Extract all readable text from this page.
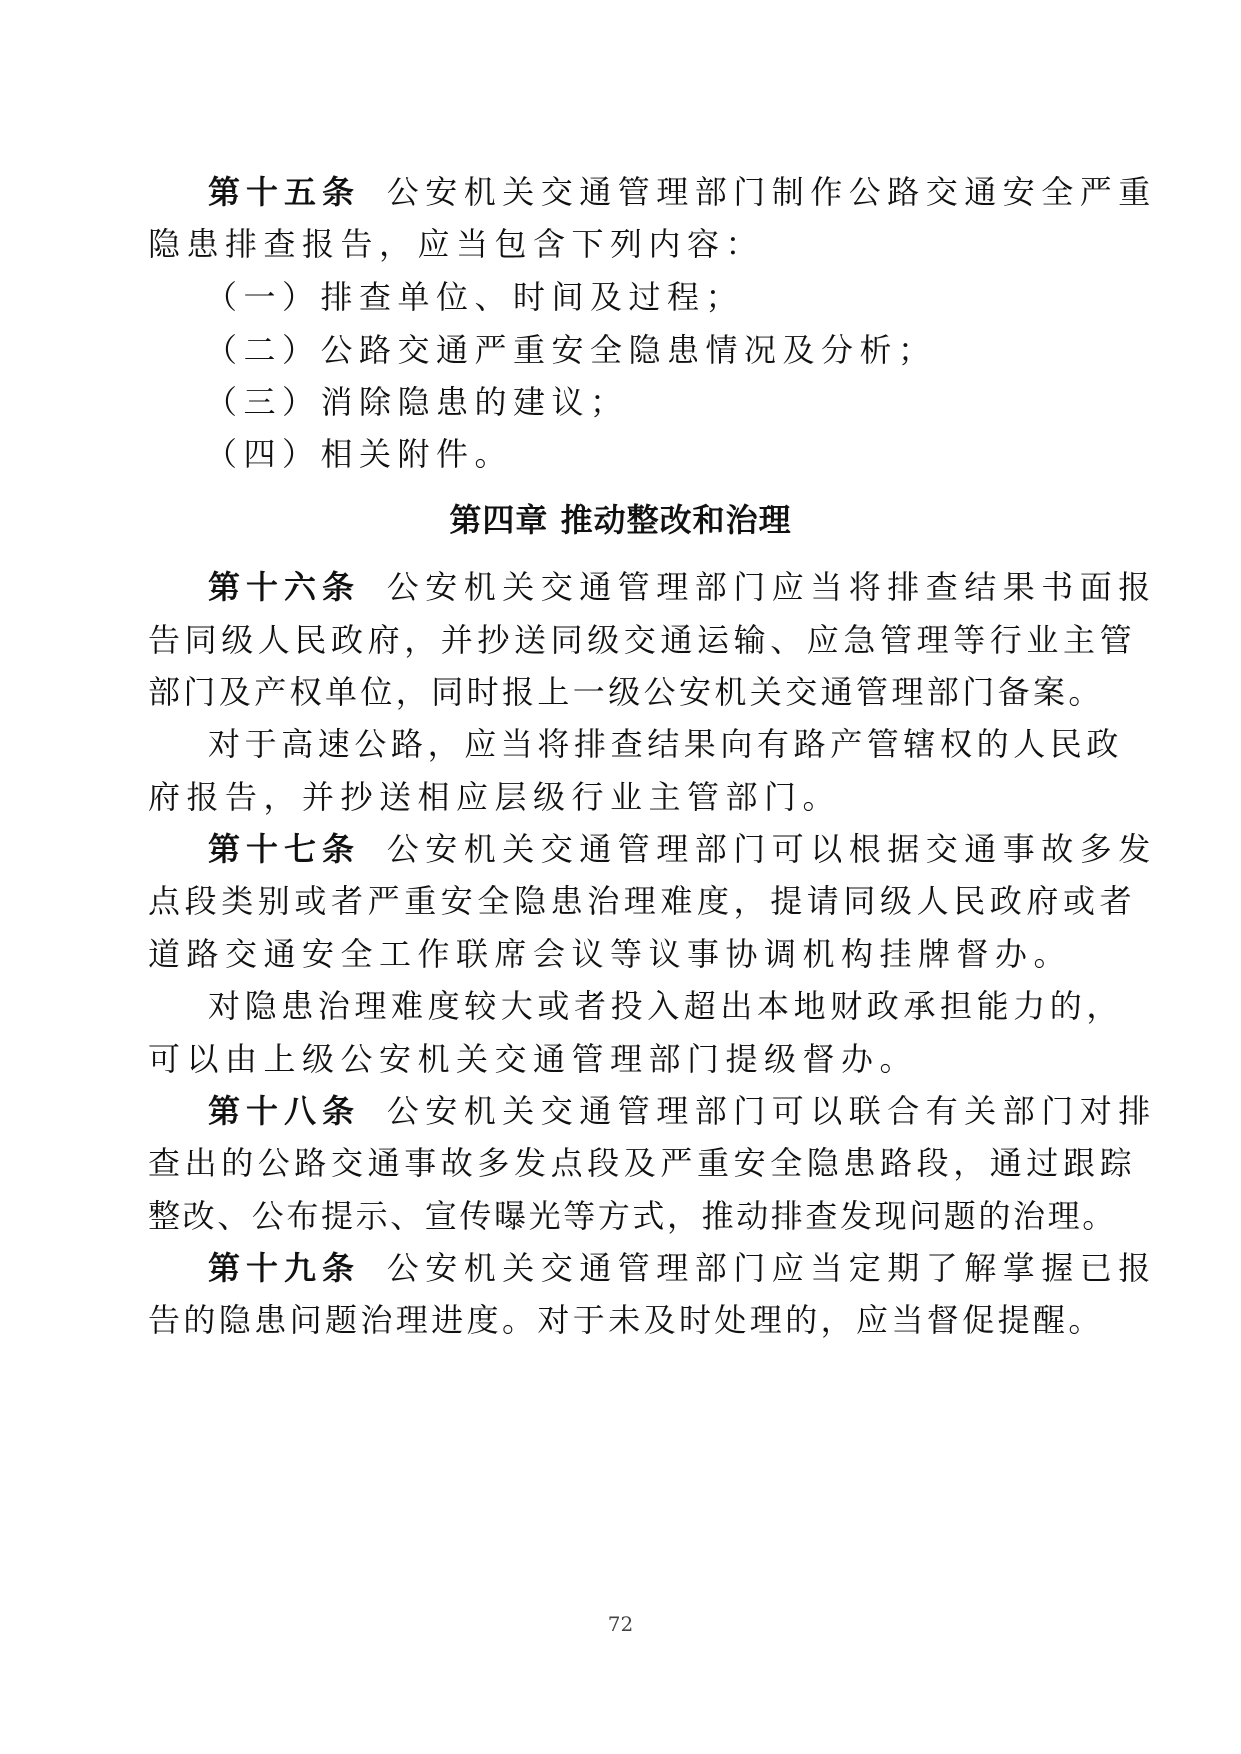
第十五条 公安机关交通管理部门制作公路交通安全严重
隐患排查报告，应当包含下列内容：
（一）排查单位、时间及过程；
（二）公路交通严重安全隐患情况及分析；
（三）消除隐患的建议；
（四）相关附件。
第四章 推动整改和治理
第十六条 公安机关交通管理部门应当将排查结果书面报
告同级人民政府，并抄送同级交通运输、应急管理等行业主管
部门及产权单位，同时报上一级公安机关交通管理部门备案。
对于高速公路，应当将排查结果向有路产管辖权的人民政
府报告，并抄送相应层级行业主管部门。
第十七条 公安机关交通管理部门可以根据交通事故多发
点段类别或者严重安全隐患治理难度，提请同级人民政府或者
道路交通安全工作联席会议等议事协调机构挂牌督办。
对隐患治理难度较大或者投入超出本地财政承担能力的，
可以由上级公安机关交通管理部门提级督办。
第十八条 公安机关交通管理部门可以联合有关部门对排
查出的公路交通事故多发点段及严重安全隐患路段，通过跟踪
整改、公布提示、宣传曝光等方式，推动排查发现问题的治理。
第十九条 公安机关交通管理部门应当定期了解掌握已报
告的隐患问题治理进度。对于未及时处理的，应当督促提醒。
72
